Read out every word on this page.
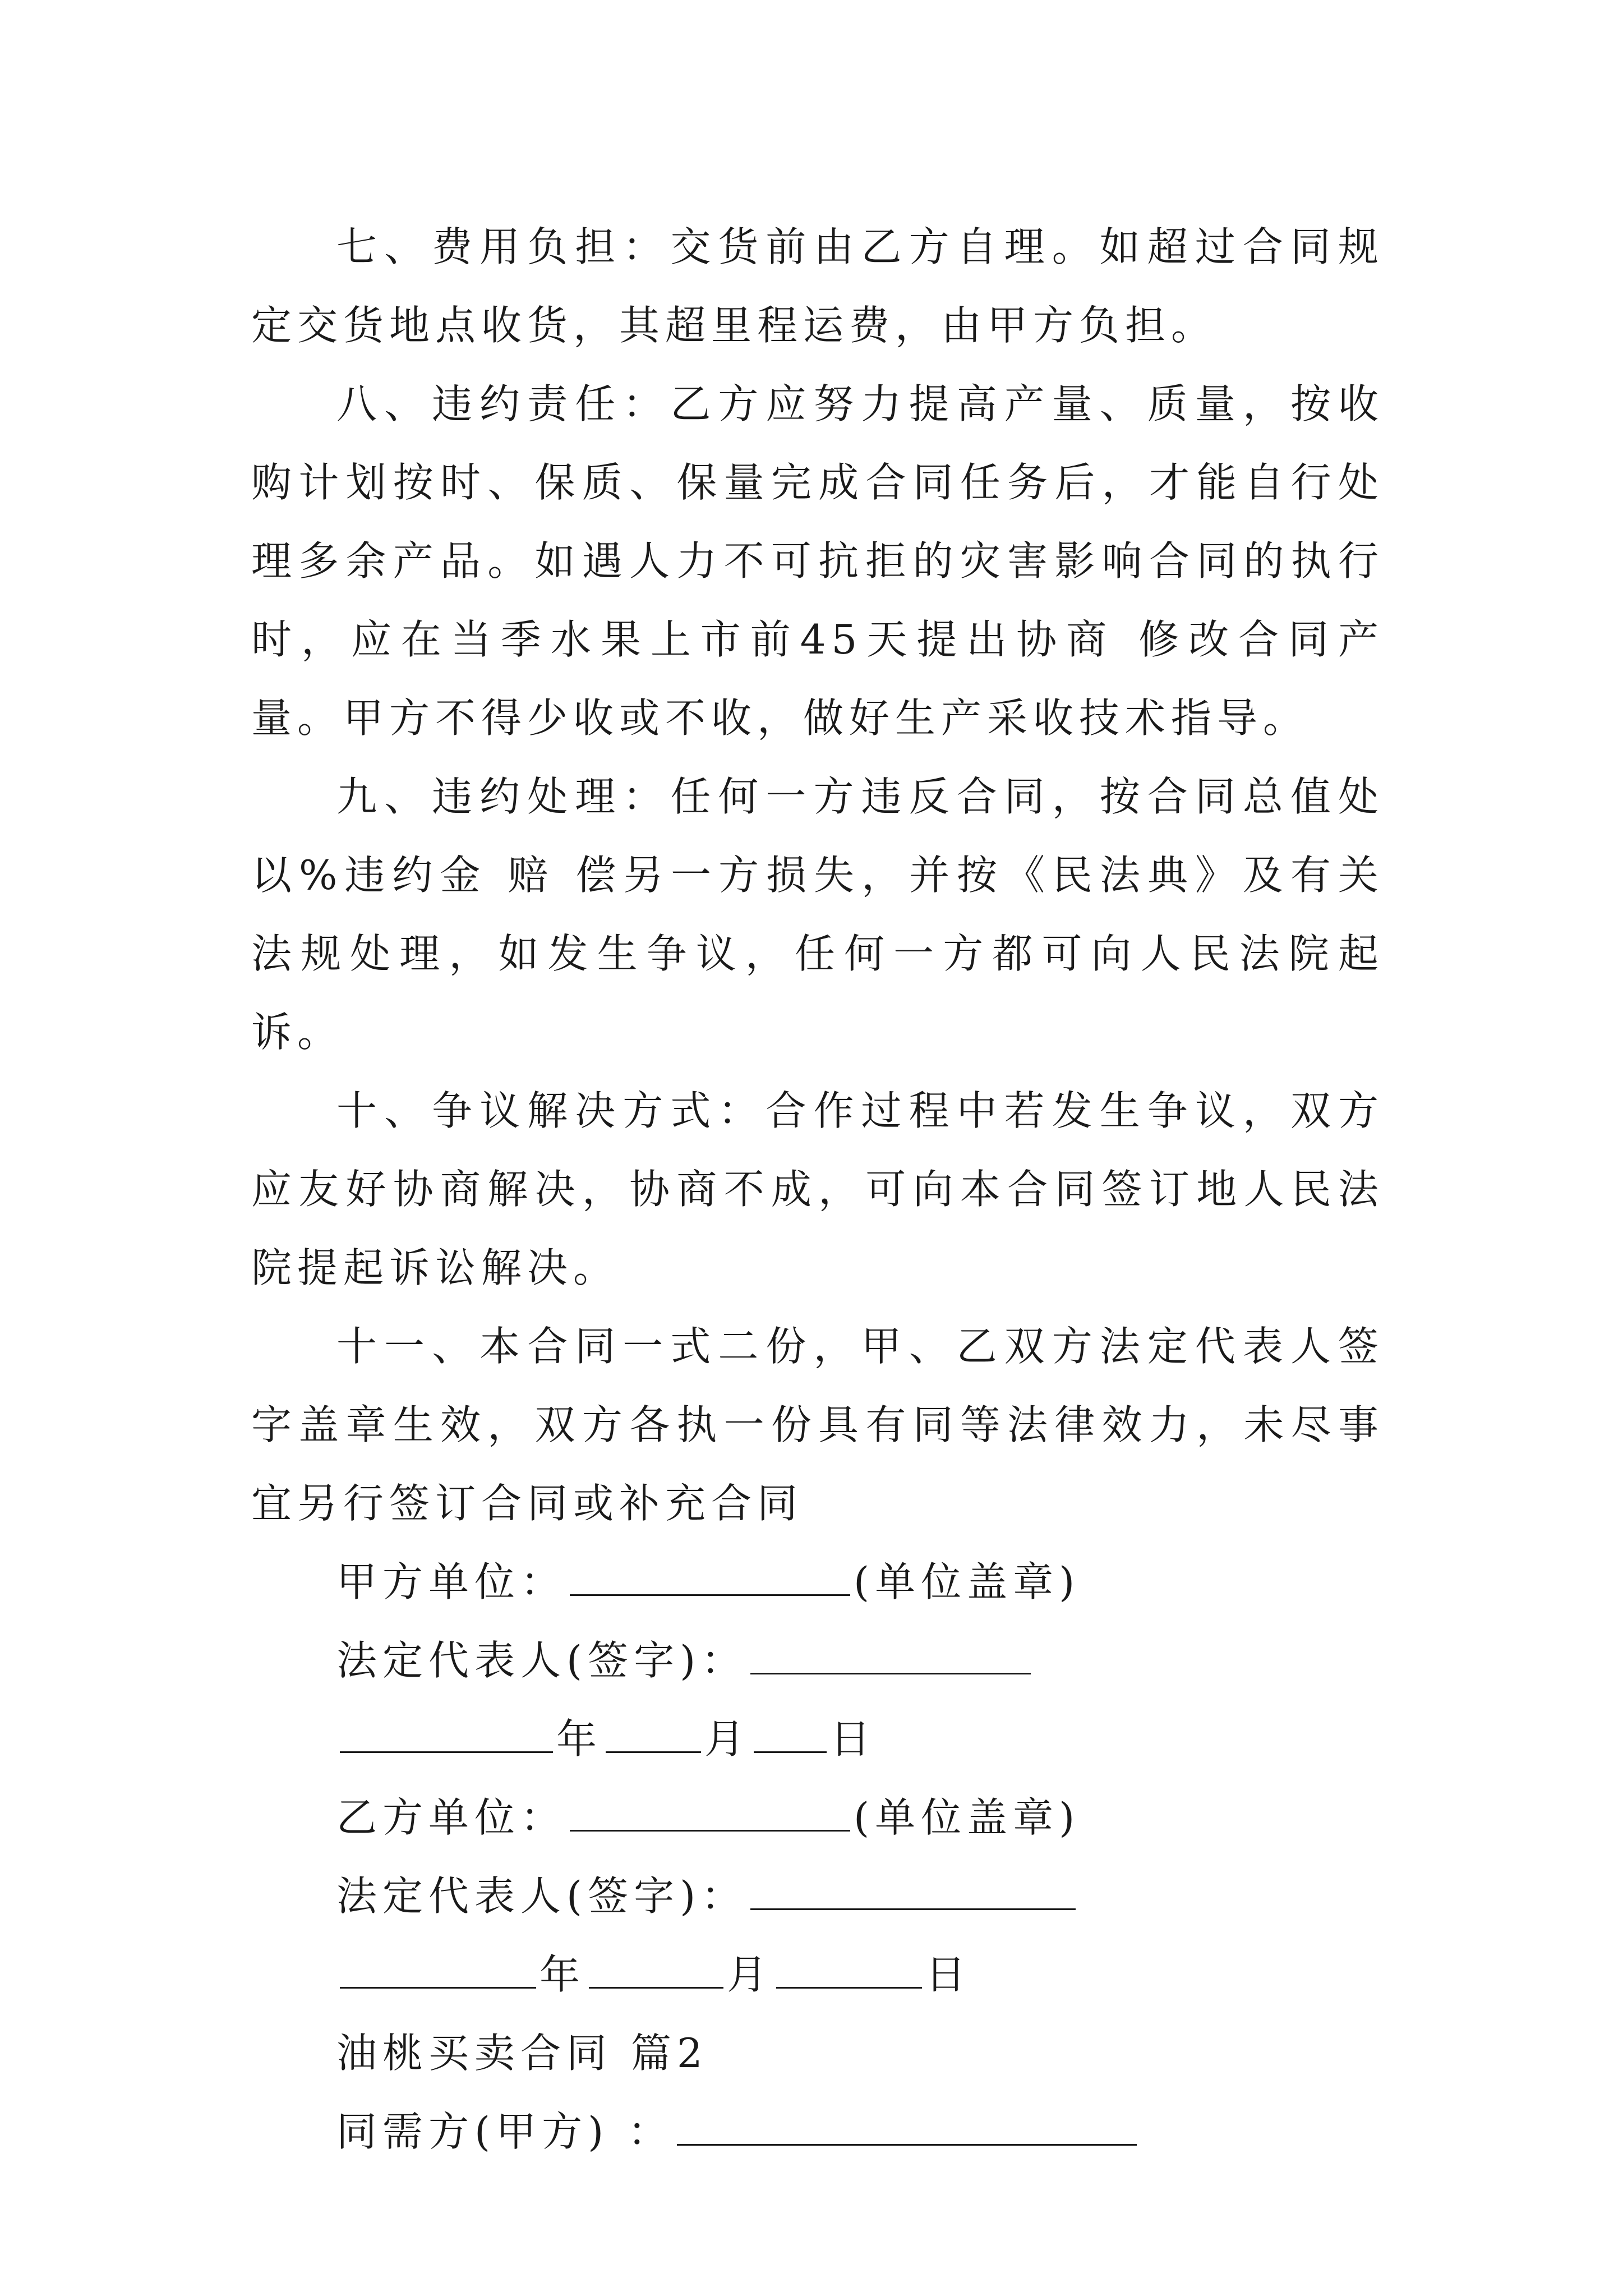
七、费用负担：交货前由乙方自理。如超过合同规定交货地点收货，其超里程运费，由甲方负担。

八、违约责任：乙方应努力提高产量、质量，按收购计划按时、保质、保量完成合同任务后，才能自行处理多余产品。如遇人力不可抗拒的灾害影响合同的执行时，应在当季水果上市前45天提出协商 修改合同产量。甲方不得少收或不收，做好生产采收技术指导。

九、违约处理：任何一方违反合同，按合同总值处以%违约金 赔 偿另一方损失，并按《民法典》及有关法规处理，如发生争议，任何一方都可向人民法院起诉。

十、争议解决方式：合作过程中若发生争议，双方应友好协商解决，协商不成，可向本合同签订地人民法院提起诉讼解决。

十一、本合同一式二份，甲、乙双方法定代表人签字盖章生效，双方各执一份具有同等法律效力，未尽事宜另行签订合同或补充合同

甲方单位：	(单位盖章)

法定代表人(签字)：

年	月 日

乙方单位：	(单位盖章)

法定代表人(签字)：

年	月	日

油桃买卖合同 篇2

同需方(甲方) ：
